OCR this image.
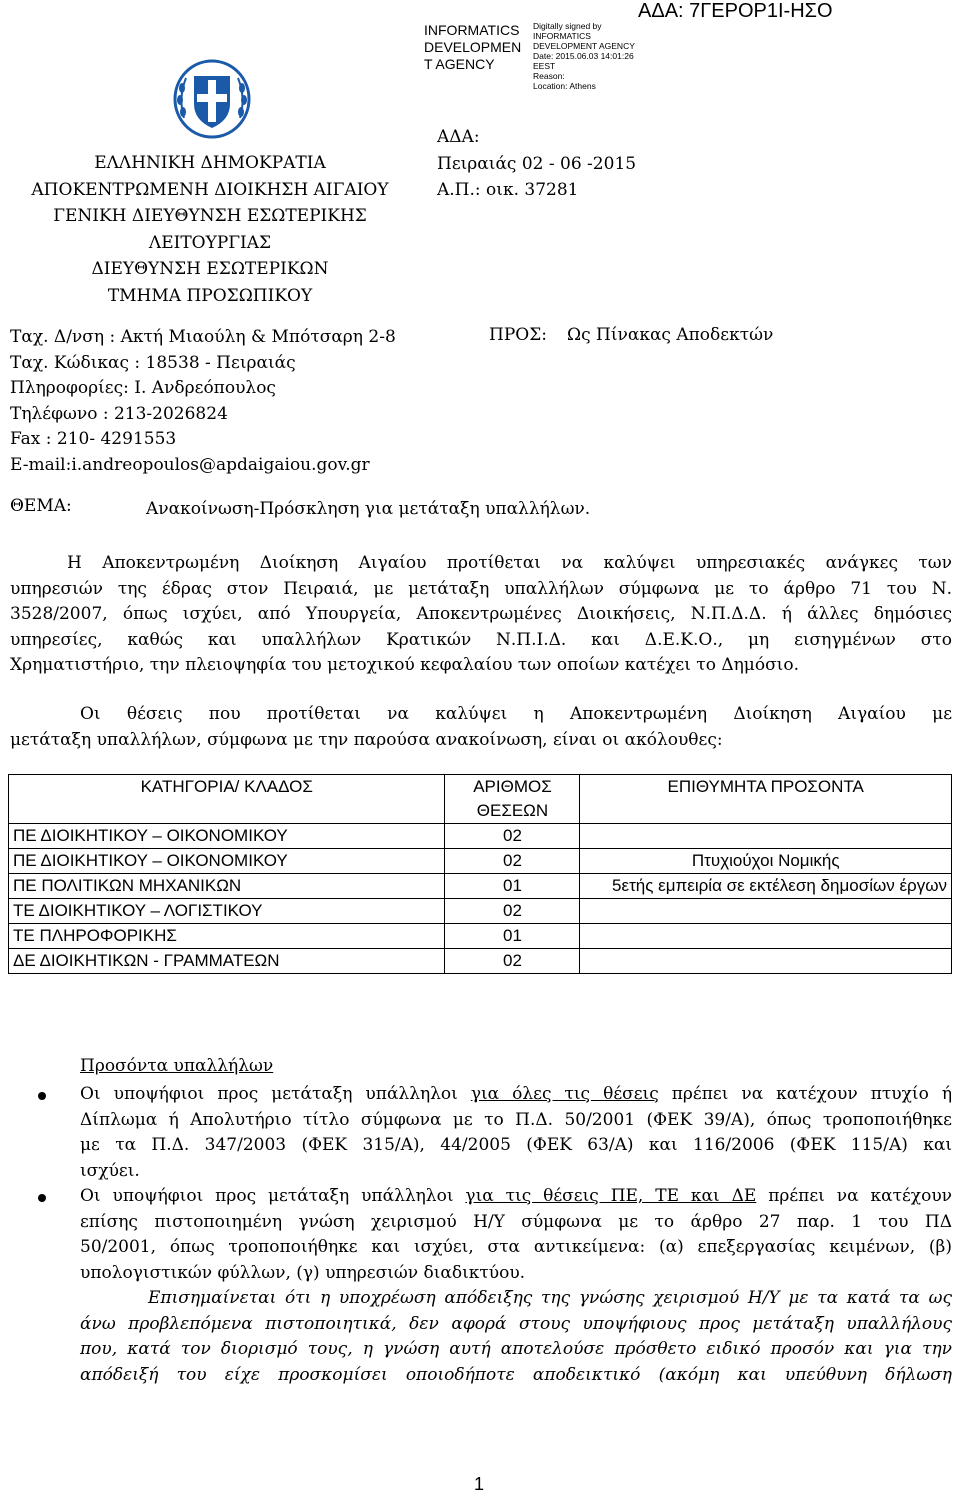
INFORMATICS
DEVELOPMEN
T AGENCY
Digitally signed by
INFORMATICS
DEVELOPMENT AGENCY
Date: 2015.06.03 14:01:26
EEST
Reason:
Location: Athens
ΑΔΑ: 7ΓΕΡΟΡ1Ι-ΗΣΟ
ΕΛΛΗΝΙΚΗ ΔΗΜΟΚΡΑΤΙΑ
ΑΠΟΚΕΝΤΡΩΜΕΝΗ ΔΙΟΙΚΗΣΗ ΑΙΓΑΙΟΥ
ΓΕΝΙΚΗ ΔΙΕΥΘΥΝΣΗ ΕΣΩΤΕΡΙΚΗΣ
ΛΕΙΤΟΥΡΓΙΑΣ
ΔΙΕΥΘΥΝΣΗ ΕΣΩΤΕΡΙΚΩΝ
ΤΜΗΜΑ ΠΡΟΣΩΠΙΚΟΥ
ΑΔΑ:
Πειραιάς 02 - 06 -2015
Α.Π.: οικ. 37281
Ταχ. Δ/νση : Ακτή Μιαούλη & Μπότσαρη 2-8
Ταχ. Κώδικας : 18538 - Πειραιάς
Πληροφορίες: Ι. Ανδρεόπουλος
Τηλέφωνο : 213-2026824
Fax : 210- 4291553
E-mail:i.andreopoulos@apdaigaiou.gov.gr
ΠΡΟΣ: Ως Πίνακας Αποδεκτών
ΘΕΜΑ:	Ανακοίνωση-Πρόσκληση για μετάταξη υπαλλήλων.
Η Αποκεντρωμένη Διοίκηση Αιγαίου προτίθεται να καλύψει υπηρεσιακές ανάγκες των
υπηρεσιών της έδρας στον Πειραιά, με μετάταξη υπαλλήλων σύμφωνα με το άρθρο 71 του Ν.
3528/2007, όπως ισχύει, από Υπουργεία, Αποκεντρωμένες Διοικήσεις, Ν.Π.Δ.Δ. ή άλλες δημόσιες
υπηρεσίες, καθώς και υπαλλήλων Κρατικών Ν.Π.Ι.Δ. και Δ.Ε.Κ.Ο., μη εισηγμένων στο
Χρηματιστήριο, την πλειοψηφία του μετοχικού κεφαλαίου των οποίων κατέχει το Δημόσιο.
Οι θέσεις που προτίθεται να καλύψει η Αποκεντρωμένη Διοίκηση Αιγαίου με
μετάταξη υπαλλήλων, σύμφωνα με την παρούσα ανακοίνωση, είναι οι ακόλουθες:
ΚΑΤΗΓΟΡΙΑ/ ΚΛΑΔΟΣ	ΑΡΙΘΜΟΣ ΘΕΣΕΩΝ	ΕΠΙΘΥΜΗΤΑ ΠΡΟΣΟΝΤΑ
ΠΕ ΔΙΟΙΚΗΤΙΚΟΥ – ΟΙΚΟΝΟΜΙΚΟΥ	02	
ΠΕ ΔΙΟΙΚΗΤΙΚΟΥ – ΟΙΚΟΝΟΜΙΚΟΥ	02	Πτυχιούχοι Νομικής
ΠΕ ΠΟΛΙΤΙΚΩΝ ΜΗΧΑΝΙΚΩΝ	01	5ετής εμπειρία σε εκτέλεση δημοσίων έργων
ΤΕ ΔΙΟΙΚΗΤΙΚΟΥ – ΛΟΓΙΣΤΙΚΟΥ	02	
ΤΕ ΠΛΗΡΟΦΟΡΙΚΗΣ	01	
ΔΕ ΔΙΟΙΚΗΤΙΚΩΝ - ΓΡΑΜΜΑΤΕΩΝ	02	
Προσόντα υπαλλήλων
Οι υποψήφιοι προς μετάταξη υπάλληλοι για όλες τις θέσεις πρέπει να κατέχουν πτυχίο ή
Δίπλωμα ή Απολυτήριο τίτλο σύμφωνα με το Π.Δ. 50/2001 (ΦΕΚ 39/Α), όπως τροποποιήθηκε
με τα Π.Δ. 347/2003 (ΦΕΚ 315/Α), 44/2005 (ΦΕΚ 63/Α) και 116/2006 (ΦΕΚ 115/Α) και
ισχύει.
Οι υποψήφιοι προς μετάταξη υπάλληλοι για τις θέσεις ΠΕ, ΤΕ και ΔΕ πρέπει να κατέχουν
επίσης πιστοποιημένη γνώση χειρισμού Η/Υ σύμφωνα με το άρθρο 27 παρ. 1 του ΠΔ
50/2001, όπως τροποποιήθηκε και ισχύει, στα αντικείμενα: (α) επεξεργασίας κειμένων, (β)
υπολογιστικών φύλλων, (γ) υπηρεσιών διαδικτύου.
Επισημαίνεται ότι η υποχρέωση απόδειξης της γνώσης χειρισμού Η/Υ με τα κατά τα ως
άνω προβλεπόμενα πιστοποιητικά, δεν αφορά στους υποψήφιους προς μετάταξη υπαλλήλους
που, κατά τον διορισμό τους, η γνώση αυτή αποτελούσε πρόσθετο ειδικό προσόν και για την
απόδειξή του είχε προσκομίσει οποιοδήποτε αποδεικτικό (ακόμη και υπεύθυνη δήλωση
1
